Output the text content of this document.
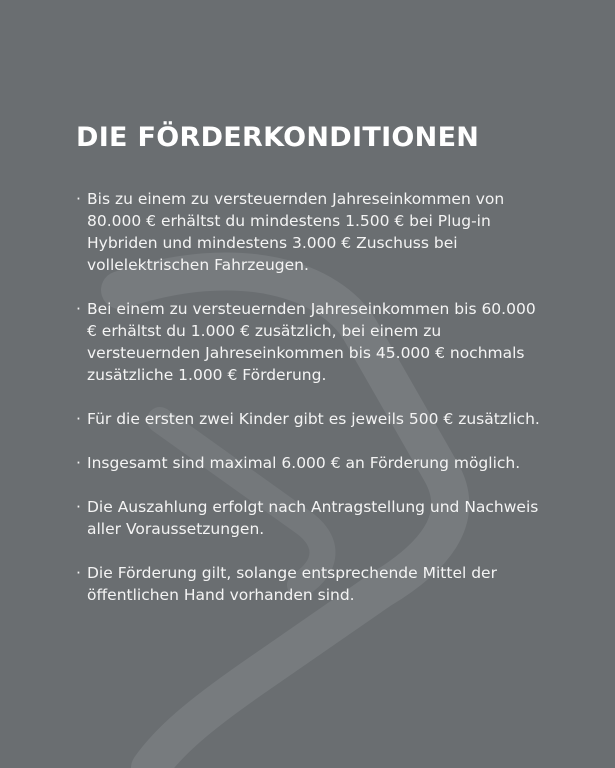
DIE FÖRDERKONDITIONEN
· Bis zu einem zu versteuernden Jahreseinkommen von 80.000 € erhältst du mindestens 1.500 € bei Plug-in Hybriden und mindestens 3.000 € Zuschuss bei vollelektrischen Fahrzeugen.
· Bei einem zu versteuernden Jahreseinkommen bis 60.000 € erhältst du 1.000 € zusätzlich, bei einem zu versteuernden Jahreseinkommen bis 45.000 € nochmals zusätzliche 1.000 € Förderung.
· Für die ersten zwei Kinder gibt es jeweils 500 € zusätzlich.
· Insgesamt sind maximal 6.000 € an Förderung möglich.
· Die Auszahlung erfolgt nach Antragstellung und Nachweis aller Voraussetzungen.
· Die Förderung gilt, solange entsprechende Mittel der öffentlichen Hand vorhanden sind.
